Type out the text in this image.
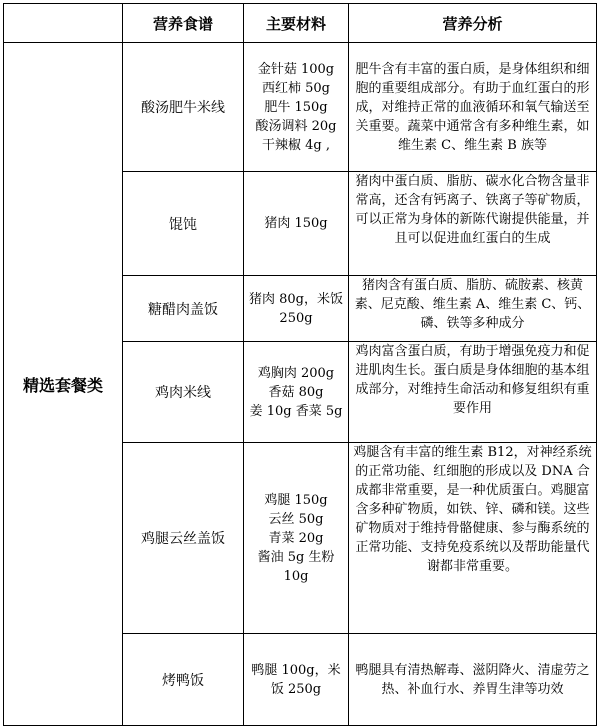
	营养食谱	主要材料	营养分析
精选套餐类	酸汤肥牛米线	金针菇 100g
西红柿 50g
肥牛 150g
酸汤调料 20g
干辣椒 4g ,	肥牛含有丰富的蛋白质，是身体组织和细胞的重要组成部分。有助于血红蛋白的形成，对维持正常的血液循环和氧气输送至关重要。蔬菜中通常含有多种维生素，如维生素 C、维生素 B 族等
	馄饨	猪肉 150g	猪肉中蛋白质、脂肪、碳水化合物含量非常高，还含有钙离子、铁离子等矿物质，可以正常为身体的新陈代谢提供能量，并且可以促进血红蛋白的生成
	糖醋肉盖饭	猪肉 80g，米饭 250g	猪肉含有蛋白质、脂肪、硫胺素、核黄素、尼克酸、维生素 A、维生素 C、钙、磷、铁等多种成分
	鸡肉米线	鸡胸肉 200g
香菇 80g
姜 10g 香菜 5g	鸡肉富含蛋白质，有助于增强免疫力和促进肌肉生长。蛋白质是身体细胞的基本组成部分，对维持生命活动和修复组织有重要作用
	鸡腿云丝盖饭	鸡腿 150g
云丝 50g
青菜 20g
酱油 5g 生粉 10g	鸡腿含有丰富的维生素 B12，对神经系统的正常功能、红细胞的形成以及 DNA 合成都非常重要，是一种优质蛋白。鸡腿富含多种矿物质，如铁、锌、磷和镁。这些矿物质对于维持骨骼健康、参与酶系统的正常功能、支持免疫系统以及帮助能量代谢都非常重要。
	烤鸭饭	鸭腿 100g，米饭 250g	鸭腿具有清热解毒、滋阴降火、清虚劳之热、补血行水、养胃生津等功效
